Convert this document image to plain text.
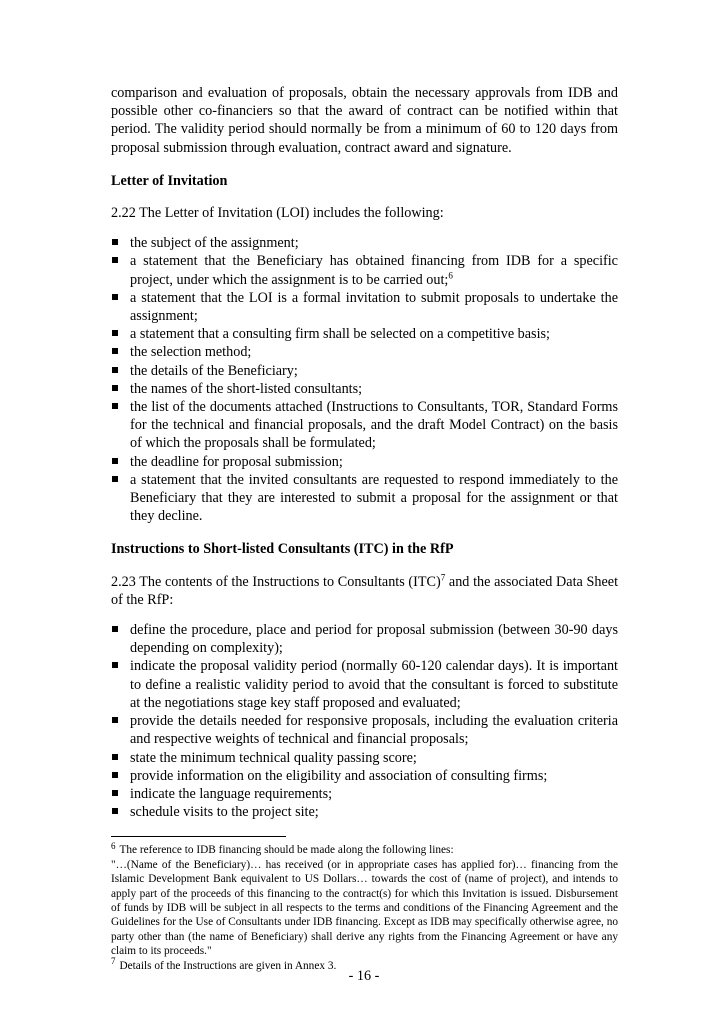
comparison and evaluation of proposals, obtain the necessary approvals from IDB and possible other co-financiers so that the award of contract can be notified within that period. The validity period should normally be from a minimum of 60 to 120 days from proposal submission through evaluation, contract award and signature.

Letter of Invitation

2.22 The Letter of Invitation (LOI) includes the following:

the subject of the assignment;
a statement that the Beneficiary has obtained financing from IDB for a specific project, under which the assignment is to be carried out;$^6$
a statement that the LOI is a formal invitation to submit proposals to undertake the assignment;
a statement that a consulting firm shall be selected on a competitive basis;
the selection method;
the details of the Beneficiary;
the names of the short-listed consultants;
the list of the documents attached (Instructions to Consultants, TOR, Standard Forms for the technical and financial proposals, and the draft Model Contract) on the basis of which the proposals shall be formulated;
the deadline for proposal submission;
a statement that the invited consultants are requested to respond immediately to the Beneficiary that they are interested to submit a proposal for the assignment or that they decline.
Instructions to Short-listed Consultants (ITC) in the RfP

2.23 The contents of the Instructions to Consultants (ITC)$^7$ and the associated Data Sheet of the RfP:

define the procedure, place and period for proposal submission (between 30-90 days depending on complexity);
indicate the proposal validity period (normally 60-120 calendar days). It is important to define a realistic validity period to avoid that the consultant is forced to substitute at the negotiations stage key staff proposed and evaluated;
provide the details needed for responsive proposals, including the evaluation criteria and respective weights of technical and financial proposals;
state the minimum technical quality passing score;
provide information on the eligibility and association of consulting firms;
indicate the language requirements;
schedule visits to the project site;

$^6$ The reference to IDB financing should be made along the following lines:

"…(Name of the Beneficiary)… has received (or in appropriate cases has applied for)… financing from the Islamic Development Bank equivalent to US Dollars… towards the cost of (name of project), and intends to apply part of the proceeds of this financing to the contract(s) for which this Invitation is issued. Disbursement of funds by IDB will be subject in all respects to the terms and conditions of the Financing Agreement and the Guidelines for the Use of Consultants under IDB financing. Except as IDB may specifically otherwise agree, no party other than (the name of Beneficiary) shall derive any rights from the Financing Agreement or have any claim to its proceeds."

$^7$ Details of the Instructions are given in Annex 3.

- 16 -
